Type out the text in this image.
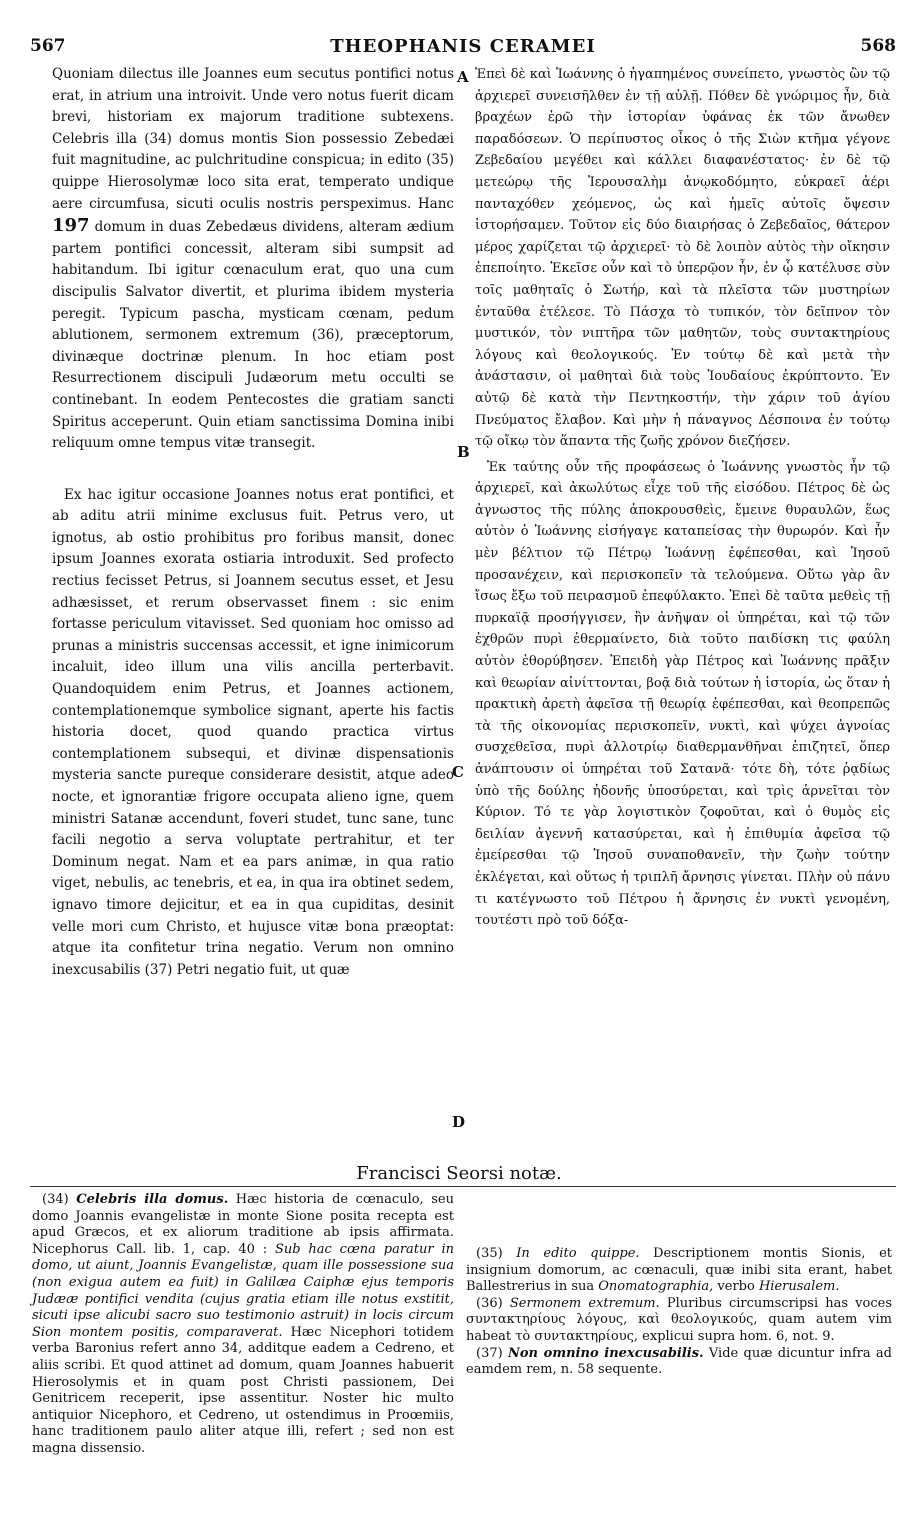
567	THEOPHANIS CERAMEI	568

Quoniam dilectus ille Joannes eum secutus pontifici notus erat, in atrium una introivit. Unde vero notus fuerit dicam brevi, historiam ex majorum traditione subtexens. Celebris illa (34) domus montis Sion possessio Zebedæi fuit magnitudine, ac pulchritudine conspicua; in edito (35) quippe Hierosolymæ loco sita erat, temperato undique aere circumfusa, sicuti oculis nostris perspeximus. Hanc 197 domum in duas Zebedæus dividens, alteram ædium partem pontifici concessit, alteram sibi sumpsit ad habitandum. Ibi igitur cœnaculum erat, quo una cum discipulis Salvator divertit, et plurima ibidem mysteria peregit. Typicum pascha, mysticam cœnam, pedum ablutionem, sermonem extremum (36), præceptorum, divinæque doctrinæ plenum. In hoc etiam post Resurrectionem discipuli Judæorum metu occulti se continebant. In eodem Pentecostes die gratiam sancti Spiritus acceperunt. Quin etiam sanctissima Domina inibi reliquum omne tempus vitæ transegit.

Ex hac igitur occasione Joannes notus erat pontifici, et ab aditu atrii minime exclusus fuit. Petrus vero, ut ignotus, ab ostio prohibitus pro foribus mansit, donec ipsum Joannes exorata ostiaria introduxit. Sed profecto rectius fecisset Petrus, si Joannem secutus esset, et Jesu adhæsisset, et rerum observasset finem : sic enim fortasse periculum vitavisset. Sed quoniam hoc omisso ad prunas a ministris succensas accessit, et igne inimicorum incaluit, ideo illum una vilis ancilla perterbavit. Quandoquidem enim Petrus, et Joannes actionem, contemplationemque symbolice signant, aperte his factis historia docet, quod quando practica virtus contemplationem subsequi, et divinæ dispensationis mysteria sancte pureque considerare desistit, atque adeo nocte, et ignorantiæ frigore occupata alieno igne, quem ministri Satanæ accendunt, foveri studet, tunc sane, tunc facili negotio a serva voluptate pertrahitur, et ter Dominum negat. Nam et ea pars animæ, in qua ratio viget, nebulis, ac tenebris, et ea, in qua ira obtinet sedem, ignavo timore dejicitur, et ea in qua cupiditas, desinit velle mori cum Christo, et hujusce vitæ bona præoptat: atque ita confitetur trina negatio. Verum non omnino inexcusabilis (37) Petri negatio fuit, ut quæ

Ἐπεὶ δὲ καὶ Ἰωάννης ὁ ἠγαπημένος συνείπετο, γνωστὸς ὢν τῷ ἀρχιερεῖ συνεισῆλθεν ἐν τῇ αὐλῇ. Πόθεν δὲ γνώριμος ἦν, διὰ βραχέων ἐρῶ τὴν ἱστορίαν ὑφάνας ἐκ τῶν ἄνωθεν παραδόσεων. Ὁ περίπυστος οἶκος ὁ τῆς Σιὼν κτῆμα γέγονε Ζεβεδαίου μεγέθει καὶ κάλλει διαφανέστατος· ἐν δὲ τῷ μετεώρῳ τῆς Ἱερουσαλὴμ ἀνῳκοδόμητο, εὐκραεῖ ἀέρι πανταχόθεν χεόμενος, ὡς καὶ ἡμεῖς αὐτοῖς ὄψεσιν ἱστορήσαμεν. Τοῦτον εἰς δύο διαιρήσας ὁ Ζεβεδαῖος, θάτερον μέρος χαρίζεται τῷ ἀρχιερεῖ· τὸ δὲ λοιπὸν αὐτὸς τὴν οἴκησιν ἐπεποίητο. Ἐκεῖσε οὖν καὶ τὸ ὑπερῷον ἦν, ἐν ᾧ κατέλυσε σὺν τοῖς μαθηταῖς ὁ Σωτήρ, καὶ τὰ πλεῖστα τῶν μυστηρίων ἐνταῦθα ἐτέλεσε. Τὸ Πάσχα τὸ τυπικόν, τὸν δεῖπνον τὸν μυστικόν, τὸν νιπτῆρα τῶν μαθητῶν, τοὺς συντακτηρίους λόγους καὶ θεολογικούς. Ἐν τούτῳ δὲ καὶ μετὰ τὴν ἀνάστασιν, οἱ μαθηταὶ διὰ τοὺς Ἰουδαίους ἐκρύπτοντο. Ἐν αὐτῷ δὲ κατὰ τὴν Πεντηκοστήν, τὴν χάριν τοῦ ἁγίου Πνεύματος ἔλαβον. Καὶ μὴν ἡ πάναγνος Δέσποινα ἐν τούτῳ τῷ οἴκῳ τὸν ἅπαντα τῆς ζωῆς χρόνον διεζήσεν.

Ἐκ ταύτης οὖν τῆς προφάσεως ὁ Ἰωάννης γνωστὸς ἦν τῷ ἀρχιερεῖ, καὶ ἀκωλύτως εἶχε τοῦ τῆς εἰσόδου. Πέτρος δὲ ὡς ἀγνωστος τῆς πύλης ἀποκρουσθεὶς, ἔμεινε θυραυλῶν, ἕως αὐτὸν ὁ Ἰωάννης εἰσήγαγε καταπείσας τὴν θυρωρόν. Καὶ ἦν μὲν βέλτιον τῷ Πέτρῳ Ἰωάννῃ ἐφέπεσθαι, καὶ Ἰησοῦ προσανέχειν, καὶ περισκοπεῖν τὰ τελούμενα. Οὕτω γὰρ ἂν ἴσως ἔξω τοῦ πειρασμοῦ ἐπεφύλακτο. Ἐπεὶ δὲ ταῦτα μεθεὶς τῇ πυρκαϊᾷ προσήγγισεν, ἣν ἀνῆψαν οἱ ὑπηρέται, καὶ τῷ τῶν ἐχθρῶν πυρὶ ἐθερμαίνετο, διὰ τοῦτο παιδίσκη τις φαύλη αὐτὸν ἐθορύβησεν. Ἐπειδὴ γὰρ Πέτρος καὶ Ἰωάννης πρᾶξιν καὶ θεωρίαν αἰνίττονται, βοᾷ διὰ τούτων ἡ ἱστορία, ὡς ὅταν ἡ πρακτικὴ ἀρετὴ ἀφεῖσα τῇ θεωρίᾳ ἐφέπεσθαι, καὶ θεοπρεπῶς τὰ τῆς οἰκονομίας περισκοπεῖν, νυκτὶ, καὶ ψύχει ἀγνοίας συσχεθεῖσα, πυρὶ ἀλλοτρίῳ διαθερμανθῆναι ἐπιζητεῖ, ὅπερ ἀνάπτουσιν οἱ ὑπηρέται τοῦ Σατανᾶ· τότε δὴ, τότε ῥᾳδίως ὑπὸ τῆς δούλης ἡδονῆς ὑποσύρεται, καὶ τρὶς ἀρνεῖται τὸν Κύριον. Τό τε γὰρ λογιστικὸν ζοφοῦται, καὶ ὁ θυμὸς εἰς δειλίαν ἀγεννῆ κατασύρεται, καὶ ἡ ἐπιθυμία ἀφεῖσα τῷ ἐμείρεσθαι τῷ Ἰησοῦ συναποθανεῖν, τὴν ζωὴν τούτην ἐκλέγεται, καὶ οὕτως ἡ τριπλῆ ἄρνησις γίνεται. Πλὴν οὐ πάνυ τι κατέγνωστο τοῦ Πέτρου ἡ ἄρνησις ἐν νυκτὶ γενομένη, τουτέστι πρὸ τοῦ δόξα-

A
B
C
D
Francisci Seorsi notæ.

(34) Celebris illa domus. Hæc historia de cœnaculo, seu domo Joannis evangelistæ in monte Sione posita recepta est apud Græcos, et ex aliorum traditione ab ipsis affirmata. Nicephorus Call. lib. 1, cap. 40 : Sub hac cœna paratur in domo, ut aiunt, Joannis Evangelistæ, quam ille possessione sua (non exigua autem ea fuit) in Galilæa Caiphæ ejus temporis Judææ pontifici vendita (cujus gratia etiam ille notus exstitit, sicuti ipse alicubi sacro suo testimonio astruit) in locis circum Sion montem positis, comparaverat. Hæc Nicephori totidem verba Baronius refert anno 34, additque eadem a Cedreno, et aliis scribi. Et quod attinet ad domum, quam Joannes habuerit Hierosolymis et in quam post Christi passionem, Dei Genitricem receperit, ipse assentitur. Noster hic multo antiquior Nicephoro, et Cedreno, ut ostendimus in Proœmiis, hanc traditionem paulo aliter atque illi, refert ; sed non est magna dissensio.

(35) In edito quippe. Descriptionem montis Sionis, et insignium domorum, ac cœnaculi, quæ inibi sita erant, habet Ballestrerius in sua Onomatographia, verbo Hierusalem.

(36) Sermonem extremum. Pluribus circumscripsi has voces συντακτηρίους λόγους, καὶ θεολογικούς, quam autem vim habeat τὸ συντακτηρίους, explicui supra hom. 6, not. 9.

(37) Non omnino inexcusabilis. Vide quæ dicuntur infra ad eamdem rem, n. 58 sequente.
